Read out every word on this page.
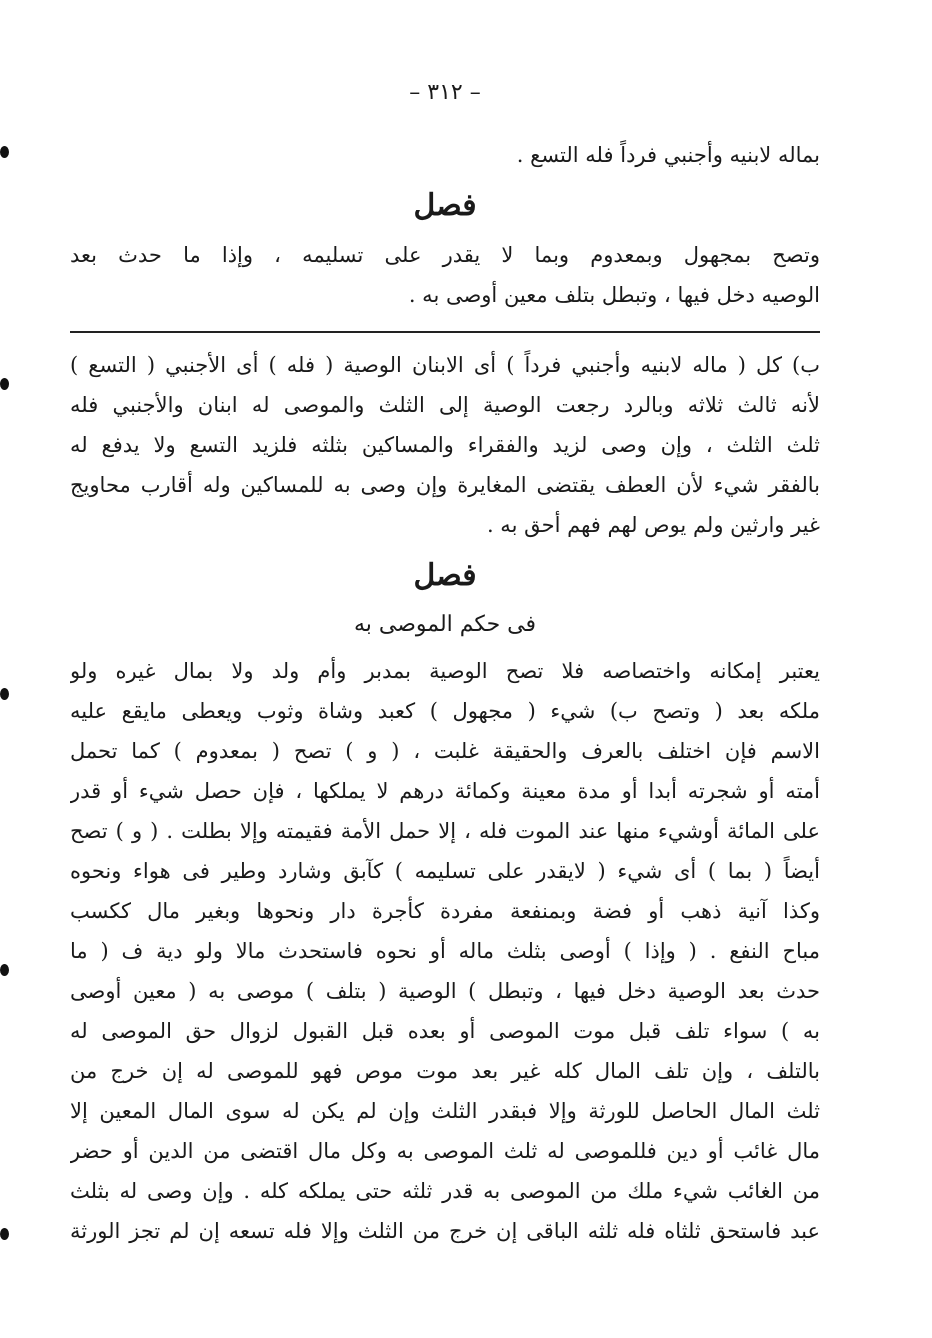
– ٣١٢ –
بماله لابنيه وأجنبي فرداً فله التسع .
فصل
وتصح بمجهول وبمعدوم وبما لا يقدر على تسليمه ، وإذا ما حدث بعد
الوصيه دخل فيها ، وتبطل بتلف معين أوصى به .
ب) كل ( ماله لابنيه وأجنبي فرداً ) أى الابنان الوصية ( فله ) أى الأجنبي ( التسع )
لأنه ثالث ثلاثه وبالرد رجعت الوصية إلى الثلث والموصى له ابنان والأجنبي فله
ثلث الثلث ، وإن وصى لزيد والفقراء والمساكين بثلثه فلزيد التسع ولا يدفع له
بالفقر شيء لأن العطف يقتضى المغايرة وإن وصى به للمساكين وله أقارب محاويج
غير وارثين ولم يوص لهم فهم أحق به .
فصل
فى حكم الموصى به
يعتبر إمكانه واختصاصه فلا تصح الوصية بمدبر وأم ولد ولا بمال غيره ولو
ملكه بعد ( وتصح ب) شيء ( مجهول ) كعبد وشاة وثوب ويعطى مايقع عليه
الاسم فإن اختلف بالعرف والحقيقة غلبت ، ( و ) تصح ( بمعدوم ) كما تحمل
أمته أو شجرته أبدا أو مدة معينة وكمائة درهم لا يملكها ، فإن حصل شيء أو قدر
على المائة أوشيء منها عند الموت فله ، إلا حمل الأمة فقيمته وإلا بطلت . ( و ) تصح
أيضاً ( بما ) أى شيء ( لايقدر على تسليمه ) كآبق وشارد وطير فى هواء ونحوه
وكذا آنية ذهب أو فضة وبمنفعة مفردة كأجرة دار ونحوها وبغير مال ككسب
مباح النفع . ( وإذا ) أوصى بثلث ماله أو نحوه فاستحدث مالا ولو دية ف ( ما
حدث بعد الوصية دخل فيها ، وتبطل ) الوصية ( بتلف ) موصى به ( معين أوصى
به ) سواء تلف قبل موت الموصى أو بعده قبل القبول لزوال حق الموصى له
بالتلف ، وإن تلف المال كله غير بعد موت موص فهو للموصى له إن خرج من
ثلث المال الحاصل للورثة وإلا فبقدر الثلث وإن لم يكن له سوى المال المعين إلا
مال غائب أو دين فللموصى له ثلث الموصى به وكل مال اقتضى من الدين أو حضر
من الغائب شيء ملك من الموصى به قدر ثلثه حتى يملكه كله . وإن وصى له بثلث
عبد فاستحق ثلثاه فله ثلثه الباقى إن خرج من الثلث وإلا فله تسعه إن لم تجز الورثة
